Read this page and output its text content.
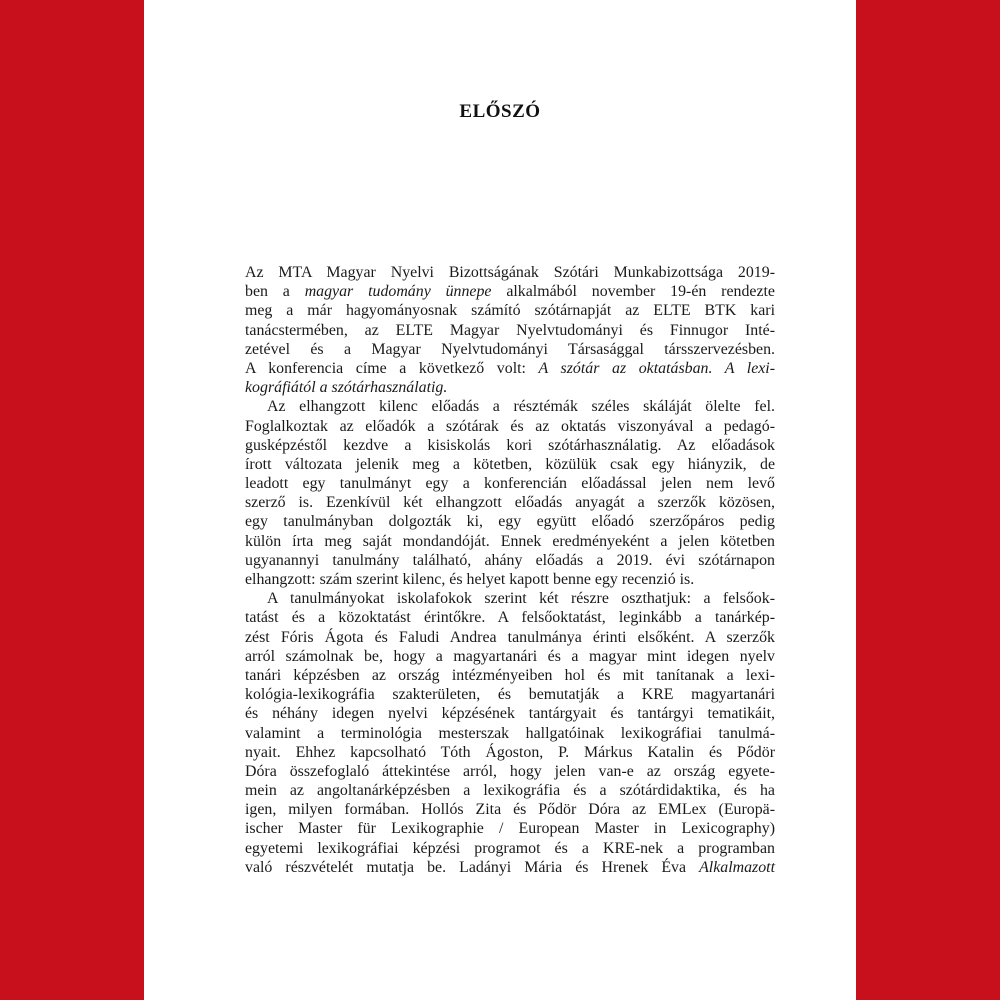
ELŐSZÓ
Az MTA Magyar Nyelvi Bizottságának Szótári Munkabizottsága 2019-
ben a magyar tudomány ünnepe alkalmából november 19-én rendezte
meg a már hagyományosnak számító szótárnapját az ELTE BTK kari
tanácstermében, az ELTE Magyar Nyelvtudományi és Finnugor Inté-
zetével és a Magyar Nyelvtudományi Társasággal társszervezésben.
A konferencia címe a következő volt: A szótár az oktatásban. A lexi-
kográfiától a szótárhasználatig.
Az elhangzott kilenc előadás a résztémák széles skáláját ölelte fel.
Foglalkoztak az előadók a szótárak és az oktatás viszonyával a pedagó-
gusképzéstől kezdve a kisiskolás kori szótárhasználatig. Az előadások
írott változata jelenik meg a kötetben, közülük csak egy hiányzik, de
leadott egy tanulmányt egy a konferencián előadással jelen nem levő
szerző is. Ezenkívül két elhangzott előadás anyagát a szerzők közösen,
egy tanulmányban dolgozták ki, egy együtt előadó szerzőpáros pedig
külön írta meg saját mondandóját. Ennek eredményeként a jelen kötetben
ugyanannyi tanulmány található, ahány előadás a 2019. évi szótárnapon
elhangzott: szám szerint kilenc, és helyet kapott benne egy recenzió is.
A tanulmányokat iskolafokok szerint két részre oszthatjuk: a felsőok-
tatást és a közoktatást érintőkre. A felsőoktatást, leginkább a tanárkép-
zést Fóris Ágota és Faludi Andrea tanulmánya érinti elsőként. A szerzők
arról számolnak be, hogy a magyartanári és a magyar mint idegen nyelv
tanári képzésben az ország intézményeiben hol és mit tanítanak a lexi-
kológia-lexikográfia szakterületen, és bemutatják a KRE magyartanári
és néhány idegen nyelvi képzésének tantárgyait és tantárgyi tematikáit,
valamint a terminológia mesterszak hallgatóinak lexikográfiai tanulmá-
nyait. Ehhez kapcsolható Tóth Ágoston, P. Márkus Katalin és Pődör
Dóra összefoglaló áttekintése arról, hogy jelen van-e az ország egyete-
mein az angoltanárképzésben a lexikográfia és a szótárdidaktika, és ha
igen, milyen formában. Hollós Zita és Pődör Dóra az EMLex (Europä-
ischer Master für Lexikographie / European Master in Lexicography)
egyetemi lexikográfiai képzési programot és a KRE-nek a programban
való részvételét mutatja be. Ladányi Mária és Hrenek Éva Alkalmazott
